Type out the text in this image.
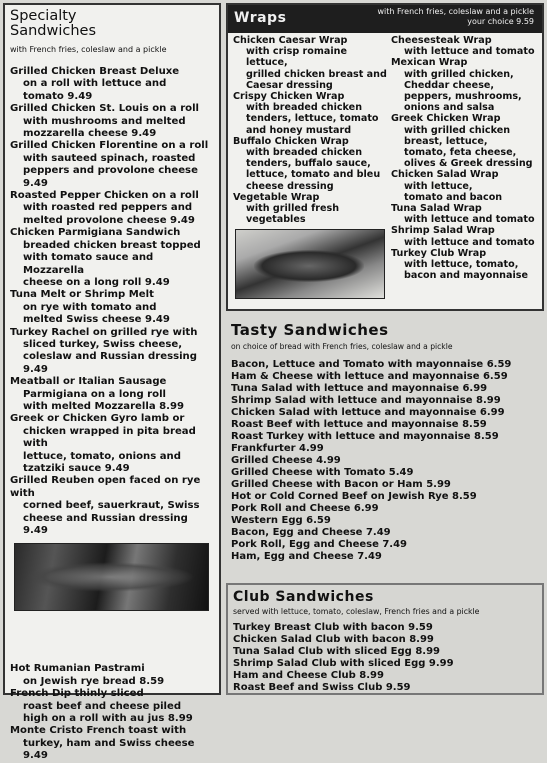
Specialty
Sandwiches
with French fries, coleslaw and a pickle
Grilled Chicken Breast Deluxe
on a roll with lettuce and
tomato 9.49
Grilled Chicken St. Louis on a roll
with mushrooms and melted
mozzarella cheese 9.49
Grilled Chicken Florentine on a roll
with sauteed spinach, roasted
peppers and provolone cheese 9.49
Roasted Pepper Chicken on a roll
with roasted red peppers and
melted provolone cheese 9.49
Chicken Parmigiana Sandwich
breaded chicken breast topped
with tomato sauce and Mozzarella
cheese on a long roll 9.49
Tuna Melt or Shrimp Melt
on rye with tomato and
melted Swiss cheese 9.49
Turkey Rachel on grilled rye with
sliced turkey, Swiss cheese,
coleslaw and Russian dressing 9.49
Meatball or Italian Sausage
Parmigiana on a long roll
with melted Mozzarella 8.99
Greek or Chicken Gyro lamb or
chicken wrapped in pita bread with
lettuce, tomato, onions and
tzatziki sauce 9.49
Grilled Reuben open faced on rye with
corned beef, sauerkraut, Swiss
cheese and Russian dressing 9.49
Hot Rumanian Pastrami
on Jewish rye bread 8.59
French Dip thinly sliced
roast beef and cheese piled
high on a roll with au jus 8.99
Monte Cristo French toast with
turkey, ham and Swiss cheese 9.49
Wraps	with French fries, coleslaw and a pickle
your choice 9.59
Chicken Caesar Wrap
with crisp romaine lettuce,
grilled chicken breast and
Caesar dressing
Crispy Chicken Wrap
with breaded chicken
tenders, lettuce, tomato
and honey mustard
Buffalo Chicken Wrap
with breaded chicken
tenders, buffalo sauce,
lettuce, tomato and bleu
cheese dressing
Vegetable Wrap
with grilled fresh
vegetables
Cheesesteak Wrap
with lettuce and tomato
Mexican Wrap
with grilled chicken,
Cheddar cheese,
peppers, mushrooms,
onions and salsa
Greek Chicken Wrap
with grilled chicken
breast, lettuce,
tomato, feta cheese,
olives & Greek dressing
Chicken Salad Wrap
with lettuce,
tomato and bacon
Tuna Salad Wrap
with lettuce and tomato
Shrimp Salad Wrap
with lettuce and tomato
Turkey Club Wrap
with lettuce, tomato,
bacon and mayonnaise
Tasty Sandwiches
on choice of bread with French fries, coleslaw and a pickle
Bacon, Lettuce and Tomato with mayonnaise 6.59
Ham & Cheese with lettuce and mayonnaise 6.59
Tuna Salad with lettuce and mayonnaise 6.99
Shrimp Salad with lettuce and mayonnaise 8.99
Chicken Salad with lettuce and mayonnaise 6.99
Roast Beef with lettuce and mayonnaise 8.59
Roast Turkey with lettuce and mayonnaise 8.59
Frankfurter 4.99
Grilled Cheese 4.99
Grilled Cheese with Tomato 5.49
Grilled Cheese with Bacon or Ham 5.99
Hot or Cold Corned Beef on Jewish Rye 8.59
Pork Roll and Cheese 6.99
Western Egg 6.59
Bacon, Egg and Cheese 7.49
Pork Roll, Egg and Cheese 7.49
Ham, Egg and Cheese 7.49
Club Sandwiches
served with lettuce, tomato, coleslaw, French fries and a pickle
Turkey Breast Club with bacon 9.59
Chicken Salad Club with bacon 8.99
Tuna Salad Club with sliced Egg 8.99
Shrimp Salad Club with sliced Egg 9.99
Ham and Cheese Club 8.99
Roast Beef and Swiss Club 9.59
